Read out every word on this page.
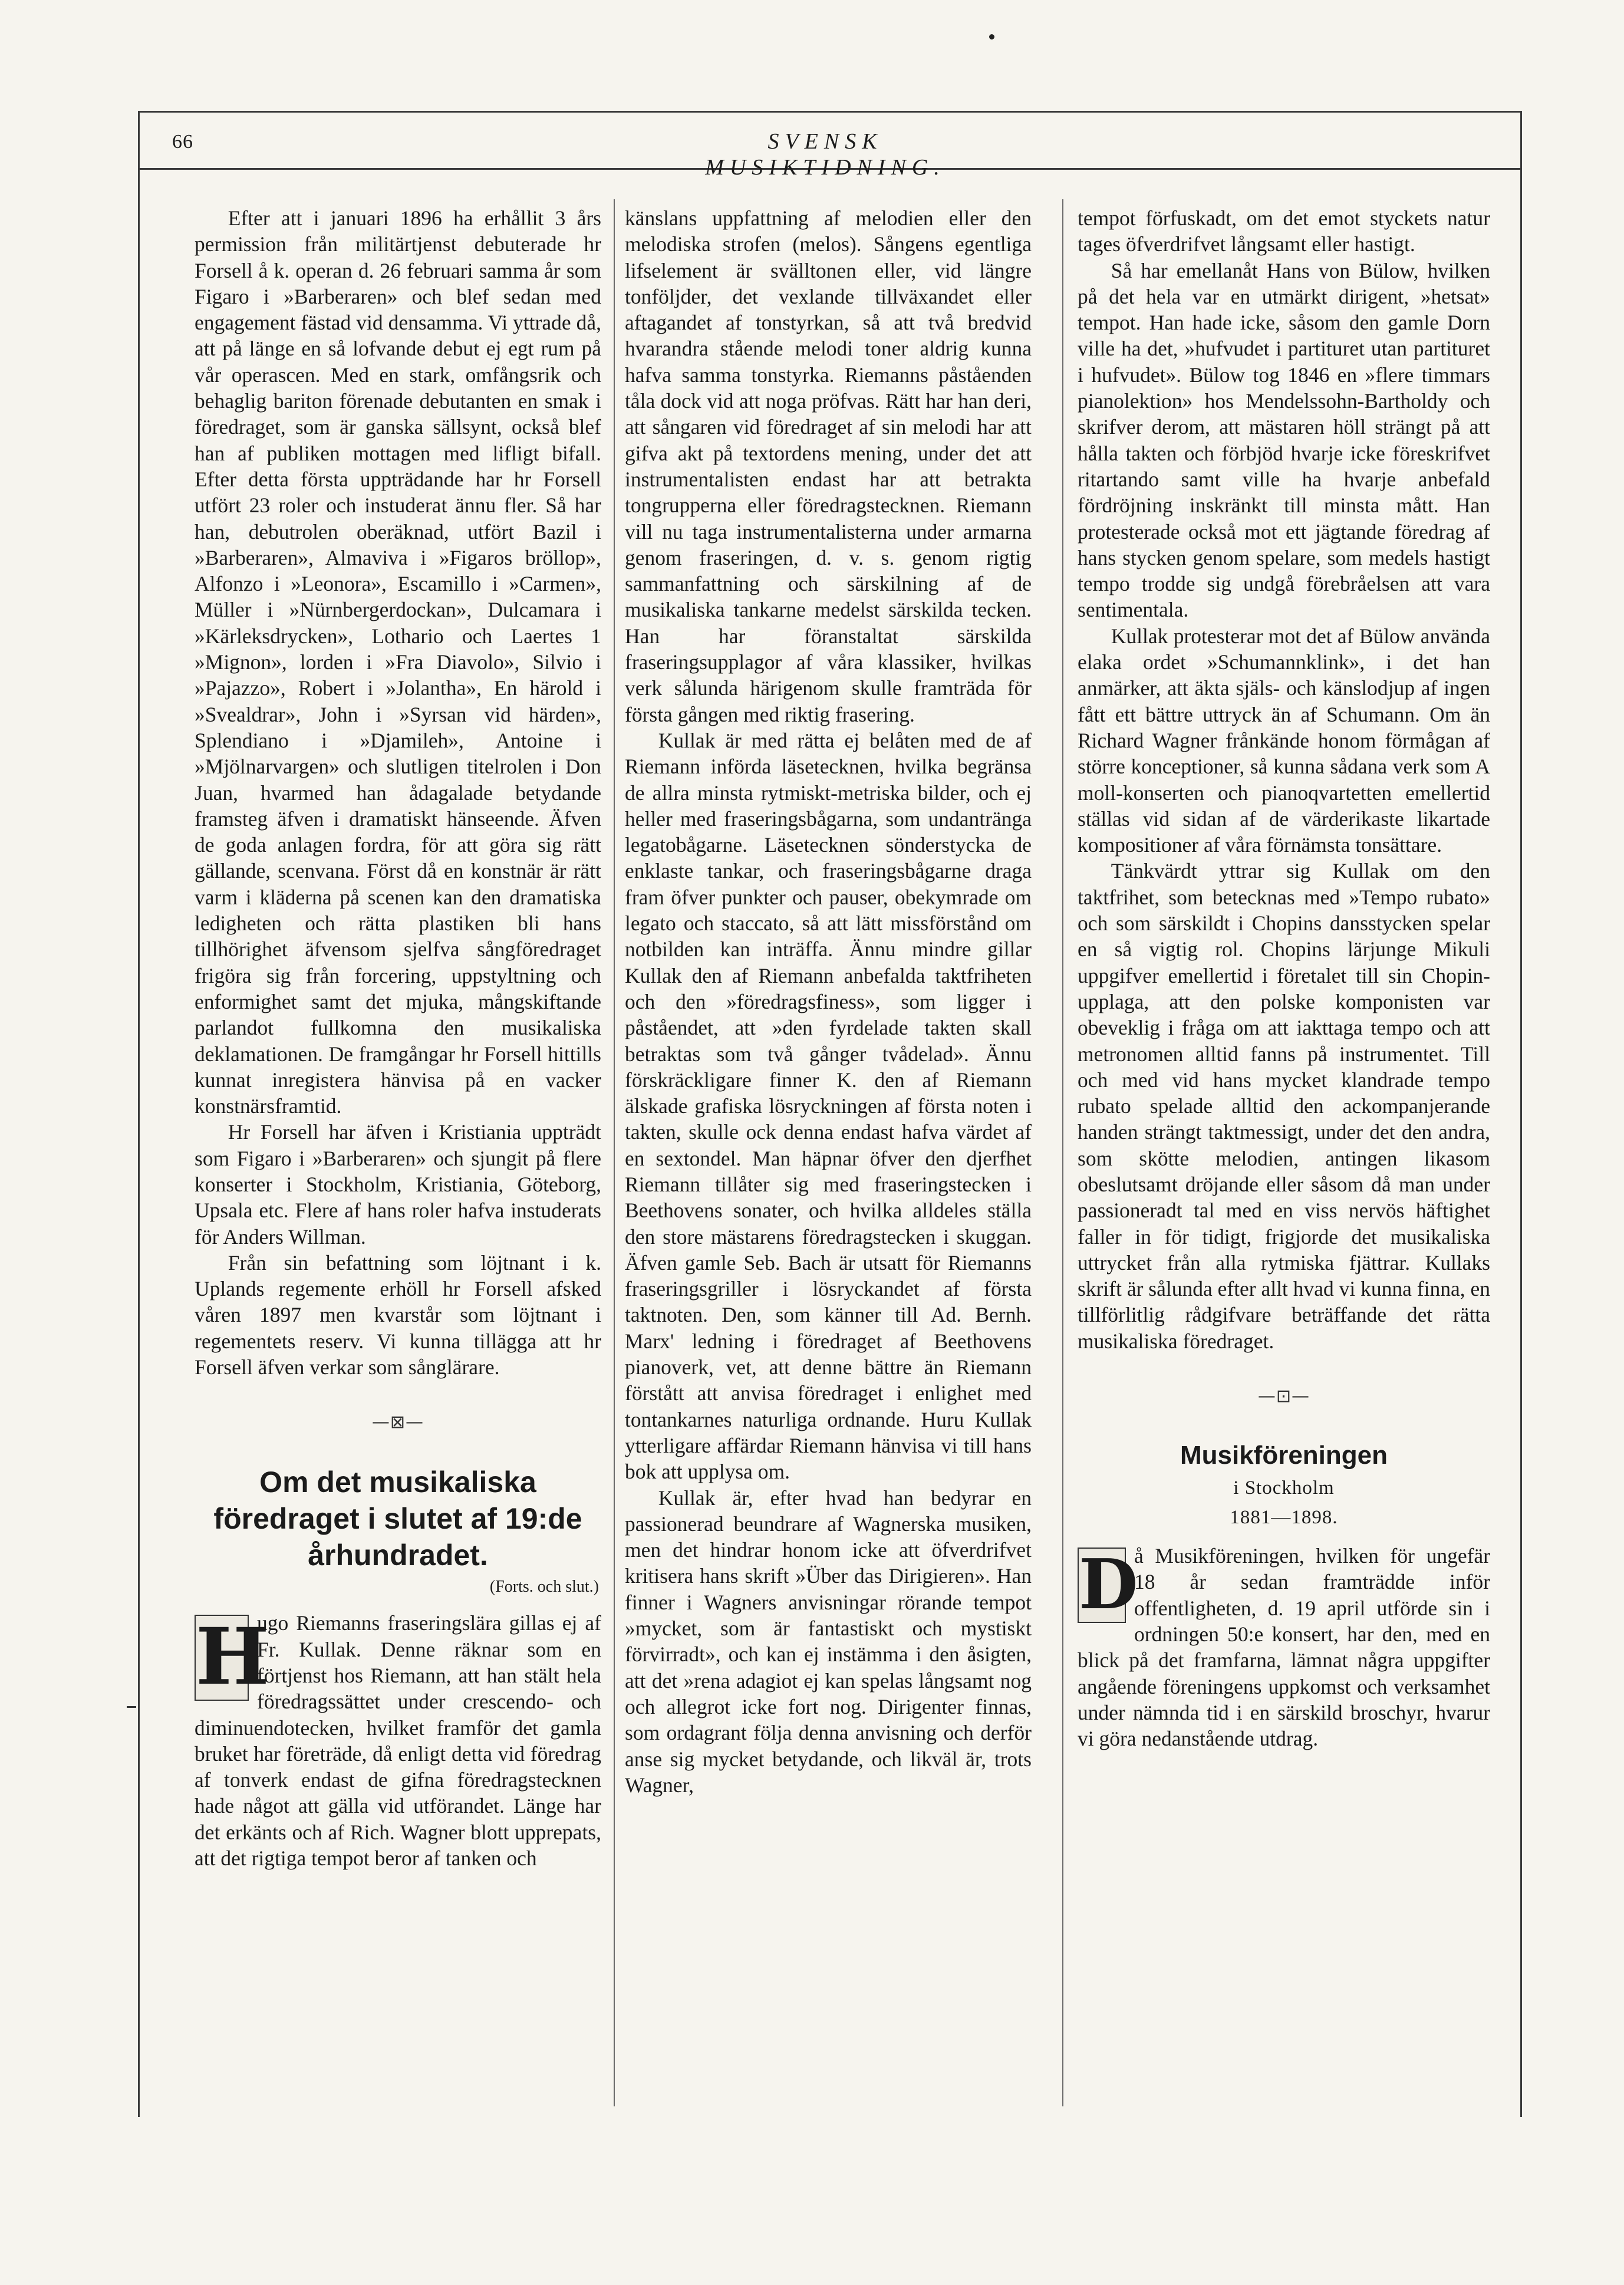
66	SVENSK MUSIKTIDNING.

Efter att i januari 1896 ha erhållit 3 års permission från militärtjenst debuterade hr Forsell å k. operan d. 26 februari samma år som Figaro i »Barberaren» och blef sedan med engagement fästad vid densamma. Vi yttrade då, att på länge en så lofvande debut ej egt rum på vår operascen. Med en stark, omfångsrik och behaglig bariton förenade debutanten en smak i föredraget, som är ganska sällsynt, också blef han af publiken mottagen med lifligt bifall. Efter detta första uppträdande har hr Forsell utfört 23 roler och instuderat ännu fler. Så har han, debutrolen oberäknad, utfört Bazil i »Barberaren», Almaviva i »Figaros bröllop», Alfonzo i »Leonora», Escamillo i »Carmen», Müller i »Nürnbergerdockan», Dulcamara i »Kärleksdrycken», Lothario och Laertes 1 »Mignon», lorden i »Fra Diavolo», Silvio i »Pajazzo», Robert i »Jolantha», En härold i »Svealdrar», John i »Syrsan vid härden», Splendiano i »Djamileh», Antoine i »Mjölnarvargen» och slutligen titelrolen i Don Juan, hvarmed han ådagalade betydande framsteg äfven i dramatiskt hänseende. Äfven de goda anlagen fordra, för att göra sig rätt gällande, scenvana. Först då en konstnär är rätt varm i kläderna på scenen kan den dramatiska ledigheten och rätta plastiken bli hans tillhörighet äfvensom sjelfva sångföredraget frigöra sig från forcering, uppstyltning och enformighet samt det mjuka, mångskiftande parlandot fullkomna den musikaliska deklamationen. De framgångar hr Forsell hittills kunnat inregistera hänvisa på en vacker konstnärsframtid.

Hr Forsell har äfven i Kristiania uppträdt som Figaro i »Barberaren» och sjungit på flere konserter i Stockholm, Kristiania, Göteborg, Upsala etc. Flere af hans roler hafva instuderats för Anders Willman.

Från sin befattning som löjtnant i k. Uplands regemente erhöll hr Forsell afsked våren 1897 men kvarstår som löjtnant i regementets reserv. Vi kunna tillägga att hr Forsell äfven verkar som sånglärare.

—⊠—
Om det musikaliska föredraget i slutet af 19:de århundradet.
(Forts. och slut.)

H
ugo Riemanns fraseringslära gillas ej af Fr. Kullak. Denne räknar som en förtjenst hos Riemann, att han stält hela föredragssättet under crescendo- och diminuendotecken, hvilket framför det gamla bruket har företräde, då enligt detta vid föredrag af tonverk endast de gifna föredragstecknen hade något att gälla vid utförandet. Länge har det erkänts och af Rich. Wagner blott upprepats, att det rigtiga tempot beror af tanken och

känslans uppfattning af melodien eller den melodiska strofen (melos). Sångens egentliga lifselement är svälltonen eller, vid längre tonföljder, det vexlande tillväxandet eller aftagandet af tonstyrkan, så att två bredvid hvarandra stående melodi toner aldrig kunna hafva samma tonstyrka. Riemanns påståenden tåla dock vid att noga pröfvas. Rätt har han deri, att sångaren vid föredraget af sin melodi har att gifva akt på textordens mening, under det att instrumentalisten endast har att betrakta tongrupperna eller föredragstecknen. Riemann vill nu taga instrumentalisterna under armarna genom fraseringen, d. v. s. genom rigtig sammanfattning och särskilning af de musikaliska tankarne medelst särskilda tecken. Han har föranstaltat särskilda fraseringsupplagor af våra klassiker, hvilkas verk sålunda härigenom skulle framträda för första gången med riktig frasering.

Kullak är med rätta ej belåten med de af Riemann införda läsetecknen, hvilka begränsa de allra minsta rytmiskt-metriska bilder, och ej heller med fraseringsbågarna, som undantränga legatobågarne. Läsetecknen sönderstycka de enklaste tankar, och fraseringsbågarne draga fram öfver punkter och pauser, obekymrade om legato och staccato, så att lätt missförstånd om notbilden kan inträffa. Ännu mindre gillar Kullak den af Riemann anbefalda taktfriheten och den »föredragsfiness», som ligger i påståendet, att »den fyrdelade takten skall betraktas som två gånger tvådelad». Ännu förskräckligare finner K. den af Riemann älskade grafiska lösryckningen af första noten i takten, skulle ock denna endast hafva värdet af en sextondel. Man häpnar öfver den djerfhet Riemann tillåter sig med fraseringstecken i Beethovens sonater, och hvilka alldeles ställa den store mästarens föredragstecken i skuggan. Äfven gamle Seb. Bach är utsatt för Riemanns fraseringsgriller i lösryckandet af första taktnoten. Den, som känner till Ad. Bernh. Marx' ledning i föredraget af Beethovens pianoverk, vet, att denne bättre än Riemann förstått att anvisa föredraget i enlighet med tontankarnes naturliga ordnande. Huru Kullak ytterligare affärdar Riemann hänvisa vi till hans bok att upplysa om.

Kullak är, efter hvad han bedyrar en passionerad beundrare af Wagnerska musiken, men det hindrar honom icke att öfverdrifvet kritisera hans skrift »Über das Dirigieren». Han finner i Wagners anvisningar rörande tempot »mycket, som är fantastiskt och mystiskt förvirradt», och kan ej instämma i den åsigten, att det »rena adagiot ej kan spelas långsamt nog och allegrot icke fort nog. Dirigenter finnas, som ordagrant följa denna anvisning och derför anse sig mycket betydande, och likväl är, trots Wagner,

tempot förfuskadt, om det emot styckets natur tages öfverdrifvet långsamt eller hastigt.

Så har emellanåt Hans von Bülow, hvilken på det hela var en utmärkt dirigent, »hetsat» tempot. Han hade icke, såsom den gamle Dorn ville ha det, »hufvudet i partituret utan partituret i hufvudet». Bülow tog 1846 en »flere timmars pianolektion» hos Mendelssohn-Bartholdy och skrifver derom, att mästaren höll strängt på att hålla takten och förbjöd hvarje icke föreskrifvet ritartando samt ville ha hvarje anbefald fördröjning inskränkt till minsta mått. Han protesterade också mot ett jägtande föredrag af hans stycken genom spelare, som medels hastigt tempo trodde sig undgå förebråelsen att vara sentimentala.

Kullak protesterar mot det af Bülow använda elaka ordet »Schumannklink», i det han anmärker, att äkta själs- och känslodjup af ingen fått ett bättre uttryck än af Schumann. Om än Richard Wagner frånkände honom förmågan af större konceptioner, så kunna sådana verk som A moll-konserten och pianoqvartetten emellertid ställas vid sidan af de värderikaste likartade kompositioner af våra förnämsta tonsättare.

Tänkvärdt yttrar sig Kullak om den taktfrihet, som betecknas med »Tempo rubato» och som särskildt i Chopins dansstycken spelar en så vigtig rol. Chopins lärjunge Mikuli uppgifver emellertid i företalet till sin Chopin-upplaga, att den polske komponisten var obeveklig i fråga om att iakttaga tempo och att metronomen alltid fanns på instrumentet. Till och med vid hans mycket klandrade tempo rubato spelade alltid den ackompanjerande handen strängt taktmessigt, under det den andra, som skötte melodien, antingen likasom obeslutsamt dröjande eller såsom då man under passioneradt tal med en viss nervös häftighet faller in för tidigt, frigjorde det musikaliska uttrycket från alla rytmiska fjättrar. Kullaks skrift är sålunda efter allt hvad vi kunna finna, en tillförlitlig rådgifvare beträffande det rätta musikaliska föredraget.

—⊡—
Musikföreningen
i Stockholm
1881—1898.

D
å Musikföreningen, hvilken för ungefär 18 år sedan framträdde inför offentligheten, d. 19 april utförde sin i ordningen 50:e konsert, har den, med en blick på det framfarna, lämnat några uppgifter angående föreningens uppkomst och verksamhet under nämnda tid i en särskild broschyr, hvarur vi göra nedanstående utdrag.
